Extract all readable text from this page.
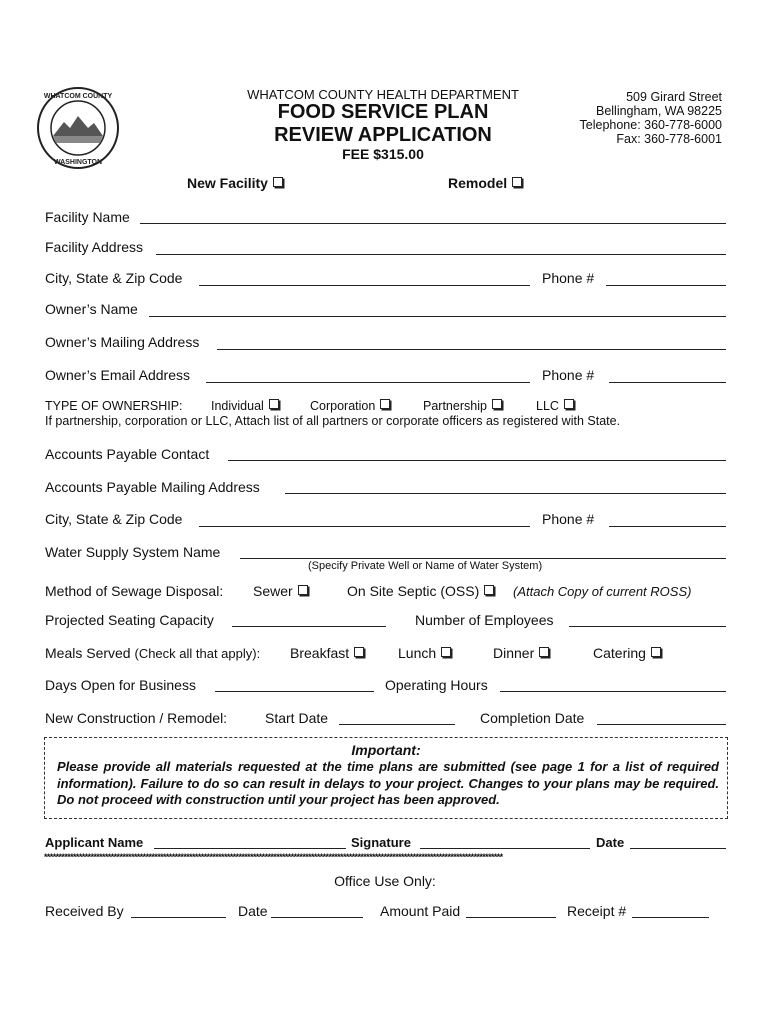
WHATCOM COUNTY
WASHINGTON
WHATCOM COUNTY HEALTH DEPARTMENT
FOOD SERVICE PLAN
REVIEW APPLICATION
FEE $315.00
509 Girard Street
Bellingham, WA 98225
Telephone: 360-778-6000
Fax: 360-778-6001
New Facility	Remodel
Facility Name
Facility Address
City, State & Zip Code	Phone #
Owner’s Name
Owner’s Mailing Address
Owner’s Email Address	Phone #
TYPE OF OWNERSHIP: Individual	Corporation	Partnership	LLC
If partnership, corporation or LLC, Attach list of all partners or corporate officers as registered with State.
Accounts Payable Contact
Accounts Payable Mailing Address
City, State & Zip Code	Phone #
Water Supply System Name
(Specify Private Well or Name of Water System)
Method of Sewage Disposal: Sewer	On Site Septic (OSS)	(Attach Copy of current ROSS)
Projected Seating Capacity	Number of Employees
Meals Served (Check all that apply): Breakfast	Lunch	Dinner	Catering
Days Open for Business	Operating Hours
New Construction / Remodel:	Start Date	Completion Date
Important:
Please provide all materials requested at the time plans are submitted (see page 1 for a list of required information). Failure to do so can result in delays to your project. Changes to your plans may be required. Do not proceed with construction until your project has been approved.
Applicant Name	Signature	Date
**************************************************************************************************************************************************************
Office Use Only:
Received By	Date	Amount Paid	Receipt #
